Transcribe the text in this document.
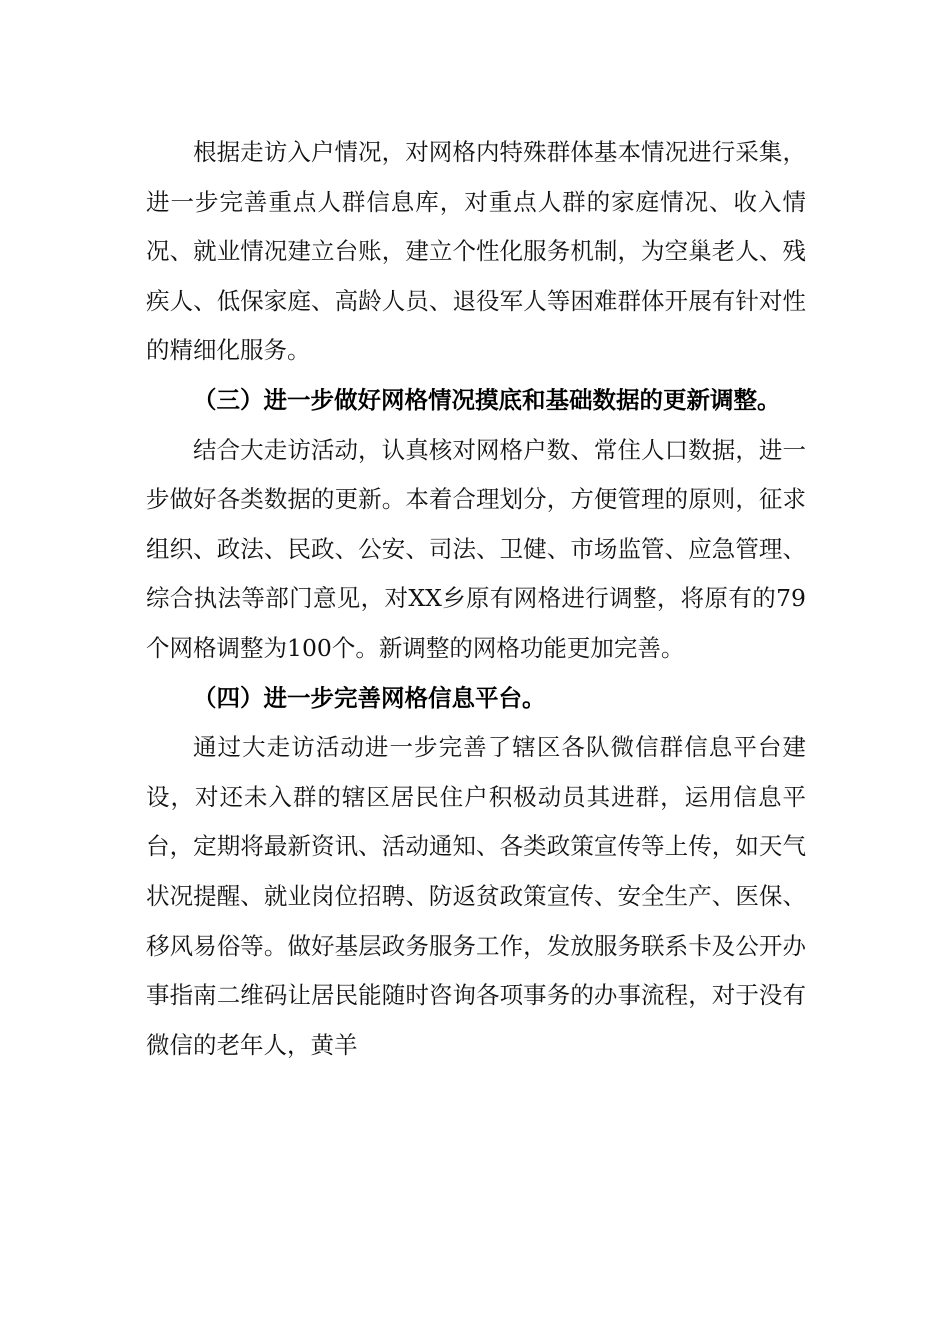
根据走访入户情况，对网格内特殊群体基本情况进行采集，进一步完善重点人群信息库，对重点人群的家庭情况、收入情况、就业情况建立台账，建立个性化服务机制，为空巢老人、残疾人、低保家庭、高龄人员、退役军人等困难群体开展有针对性的精细化服务。

（三）进一步做好网格情况摸底和基础数据的更新调整。

结合大走访活动，认真核对网格户数、常住人口数据，进一步做好各类数据的更新。本着合理划分，方便管理的原则，征求组织、政法、民政、公安、司法、卫健、市场监管、应急管理、综合执法等部门意见，对XX乡原有网格进行调整，将原有的79个网格调整为100个。新调整的网格功能更加完善。

（四）进一步完善网格信息平台。

通过大走访活动进一步完善了辖区各队微信群信息平台建设，对还未入群的辖区居民住户积极动员其进群，运用信息平台，定期将最新资讯、活动通知、各类政策宣传等上传，如天气状况提醒、就业岗位招聘、防返贫政策宣传、安全生产、医保、移风易俗等。做好基层政务服务工作，发放服务联系卡及公开办事指南二维码让居民能随时咨询各项事务的办事流程，对于没有微信的老年人，黄羊
